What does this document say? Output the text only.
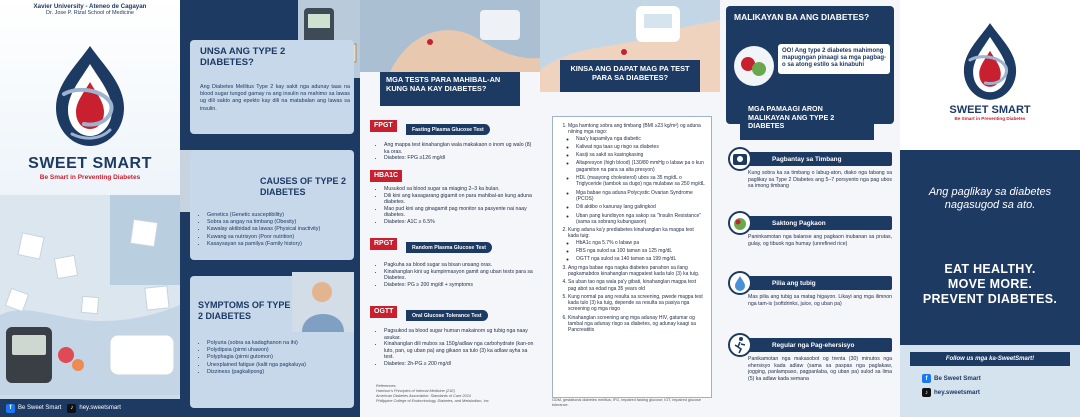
Xavier University - Ateneo de Cagayan
Dr. Jose P. Rizal School of Medicine
SWEET SMART
Be Smart in Preventing Diabetes
f	Be Sweet Smart	♪	hey.sweetsmart
UNSA ANG TYPE 2 DIABETES?
Ang Diabetes Mellitus Type 2 kay sakit nga adunay taas na blood sugar tungod gamay ra ang insulin na mahimo sa lawas ug dili sakto ang epekto kay dili na matabalan ang lawas sa insulin.
CAUSES OF TYPE 2 DIABETES
• Genetics (Genetic susceptibility)
• Sobra sa angay na timbang (Obesity)
• Kawalay aktibidad sa lawas (Physical inactivity)
• Kuwang sa nutrisyon (Poor nutrition)
• Kasaysayan sa pamilya (Family history)
SYMPTOMS OF TYPE 2 DIABETES
• Polyuria (sobra sa kadaghanon na ihi)
• Polydipsia (pirmi uhawon)
• Polyphagia (pirmi gutomon)
• Unexplained fatigue (kalit nga pagkaluya)
• Dizziness (pagkalipong)
MGA TESTS PARA MAHIBAL-AN KUNG NAA KAY DIABETES?
FPGT
Fasting Plasma Glucose Test
• Ang mappa test kinahanglan wala makakaon o inom ug walo (8) ka oras.
• Diabetes: FPG ≥126 mg/dl
HBA1C
• Musukod sa blood sugar sa miaging 2–3 ka bulan.
• Dili kini ang kasagarang gigamit on para mahibal-an kung aduna diabetes.
• Mao pud kini ang ginagamit pag monitor sa pasyente nai naay diabetes.
• Diabetes: A1C ≥ 6.5%
RPGT
Random Plasma Glucose Test
• Pagkuha sa blood sugar sa bisan unsang oras.
• Kinahanglan kini ug kumpirmasyon gamit ang uban tests para sa Diabetes.
• Diabetes: PG ≥ 200 mg/dl + symptoms
OGTT
Oral Glucose Tolerance Test
• Pagsukod sa blood sugar human makainom ug tubig nga naay asukar.
• Kinahanglan dili mubos sa 150g/adlaw nga carbohydrate (kan-on luto, pan, ug uban pa) ang gikaon sa tulo (3) ka adlaw ayha sa test.
• Diabetes: 2h-PG ≥ 200 mg/dl
References:
Harrison's Principles of Internal Medicine (21E)
American Diabetes Association: Standards of Care 2024
Philippine College of Endocrinology, Diabetes, and Metabolism, Inc.
KINSA ANG DAPAT MAG PA TEST PARA SA DIABETES?
1. Mga hamtong sobra ang timbang (BMI ≥23 kg/m²) og aduna niining mga risgo:
◦ Naa'y kapamilya nga diabetic
◦ Kaliwat nga taas ug risgo sa diabetes
◦ Kasiji sa sakit sa kasingkasing
◦ Altapresyon (high blood) (130/80 mmHg o labaw pa o kun gagamiton na para sa alta presyon)
◦ HDL (maayong cholesterol) ubos sa 35 mg/dL o Triglyceride (tambok sa dugo) nga mulabaw sa 250 mg/dL
◦ Mga babae nga aduna Polycystic Ovarian Syndrome (PCOS)
◦ Dili aktibo o kanunay lang galingkod
◦ Uban pang kundisyon nga sakop sa "Insulin Resistance" (sama sa sobrang kubungason)
2. Kung aduna ka'y prediabetes kinahanglan ka magpa test kada tuig:
◦ HbA1c nga 5.7% o labaw pa
◦ FBS nga sulod sa 100 taman sa 125 mg/dL
◦ OGTT nga sulod sa 140 taman sa 199 mg/dL
3. Ang mga babae nga nagka diabetes panahon sa ilang pagkamabdos kinahanglan magpatest kada tulo (3) ka tuig.
4. Sa uban tao nga wala pa'y gibati, kinahanglan magpa test pag abot sa edad nga 35 years old
5. Kung normal pa ang resulta sa screening, pwede magpa test kada tulo (3) ka tuig, depende sa resulta sa pasiya nga screening og mga risgo
6. Kinahanglan screening ang mga adunay HIV, gatumar og tambal nga adunay risgo sa diabetes, og adunay kaagi sa Pancreatitis
GDM, gestational diabetes mellitus; IFG, impaired fasting glucose; IGT, impaired glucose tolerance.
MALIKAYAN BA ANG DIABETES?
OO! Ang type 2 diabetes mahimong mapugngan pinaagi sa mga pagbag-o sa atong estilo sa kinabuhi
MGA PAMAAGI ARON MALIKAYAN ANG TYPE 2 DIABETES
Pagbantay sa Timbang
Kung sobra ka sa timbang o labug-aton, diako nga tabang sa paglikay sa Type 2 Diabetes ang 5–7 porsyento nga pag ubos sa imong timbang
Saktong Pagkaon
Paninkamotan nga balanse ang pagkaon inubanan sa prutas, gulay, og tibuok nga humay (unrefined rice)
Pilia ang tubig
Mas pilia ang tubig sa matag higayon. Likayi ang mga ilimnon nga tam-is (softdrinks, juice, og uban pa)
Regular nga Pag-ehersisyo
Panikamotan nga makasobot og trenta (30) minutos nga ehersisyo kada adlaw (sama sa paspas nga paglakaw, jogging, panlampaso, pagpanlaba, og uban pa) sulod sa lima (5) ka adlaw kada semana
SWEET SMART
Be Smart in Preventing Diabetes
Ang paglikay sa diabetes nagasugod sa ato.
EAT HEALTHY.
MOVE MORE.
PREVENT DIABETES.
Follow us mga ka-SweetSmart!
f	Be Sweet Smart
♪ hey.sweetsmart
